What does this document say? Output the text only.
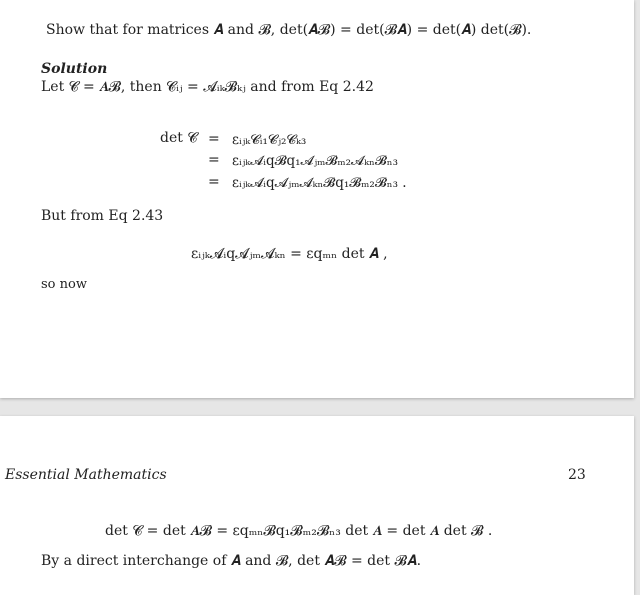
Show that for matrices 𝑨 and 𝓑, det(𝑨𝓑) = det(𝓑𝑨) = det(𝑨) det(𝓑).
Solution
Let 𝓒 = 𝑨𝓑, then 𝓒ᵢⱼ = 𝓐ᵢₖ𝓑ₖⱼ and from Eq 2.42
det 𝓒 = εᵢⱼₖ𝓒ᵢ₁𝓒ⱼ₂𝓒ₖ₃
= εᵢⱼₖ𝓐ᵢq𝓑q₁𝓐ⱼₘ𝓑ₘ₂𝓐ₖₙ𝓑ₙ₃
= εᵢⱼₖ𝓐ᵢq𝓐ⱼₘ𝓐ₖₙ𝓑q₁𝓑ₘ₂𝓑ₙ₃ .
But from Eq 2.43
εᵢⱼₖ𝓐ᵢq𝓐ⱼₘ𝓐ₖₙ = εqₘₙ det 𝑨 ,
so now
Essential Mathematics	23
det 𝓒 = det 𝑨𝓑 = εqₘₙ𝓑q₁𝓑ₘ₂𝓑ₙ₃ det 𝑨 = det 𝑨 det 𝓑 .
By a direct interchange of 𝑨 and 𝓑, det 𝑨𝓑 = det 𝓑𝑨.
